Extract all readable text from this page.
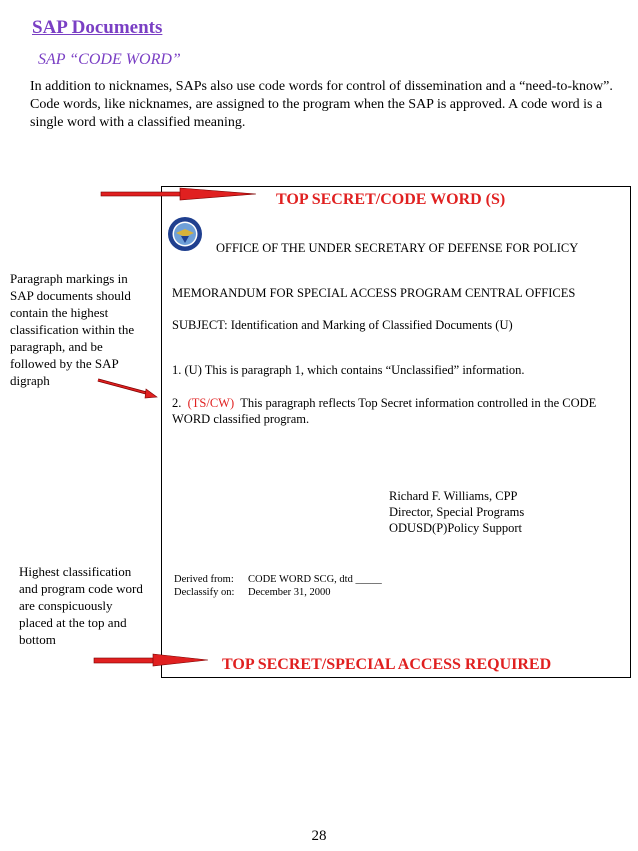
SAP Documents
SAP “CODE WORD”
In addition to nicknames, SAPs also use code words for control of dissemination and a “need-to-know”. Code words, like nicknames, are assigned to the program when the SAP is approved. A code word is a single word with a classified meaning.
TOP SECRET/CODE WORD (S)
OFFICE OF THE UNDER SECRETARY OF DEFENSE FOR POLICY
MEMORANDUM FOR SPECIAL ACCESS PROGRAM CENTRAL OFFICES
SUBJECT: Identification and Marking of Classified Documents (U)
1. (U) This is paragraph 1, which contains “Unclassified” information.
2. (TS/CW) This paragraph reflects Top Secret information controlled in the CODE WORD classified program.
Richard F. Williams, CPP
Director, Special Programs
ODUSD(P)Policy Support
Derived from:	CODE WORD SCG, dtd _____
Declassify on:	December 31, 2000
TOP SECRET/SPECIAL ACCESS REQUIRED
Paragraph markings in SAP documents should contain the highest classification within the paragraph, and be followed by the SAP digraph
Highest classification and program code word are conspicuously placed at the top and bottom
28
